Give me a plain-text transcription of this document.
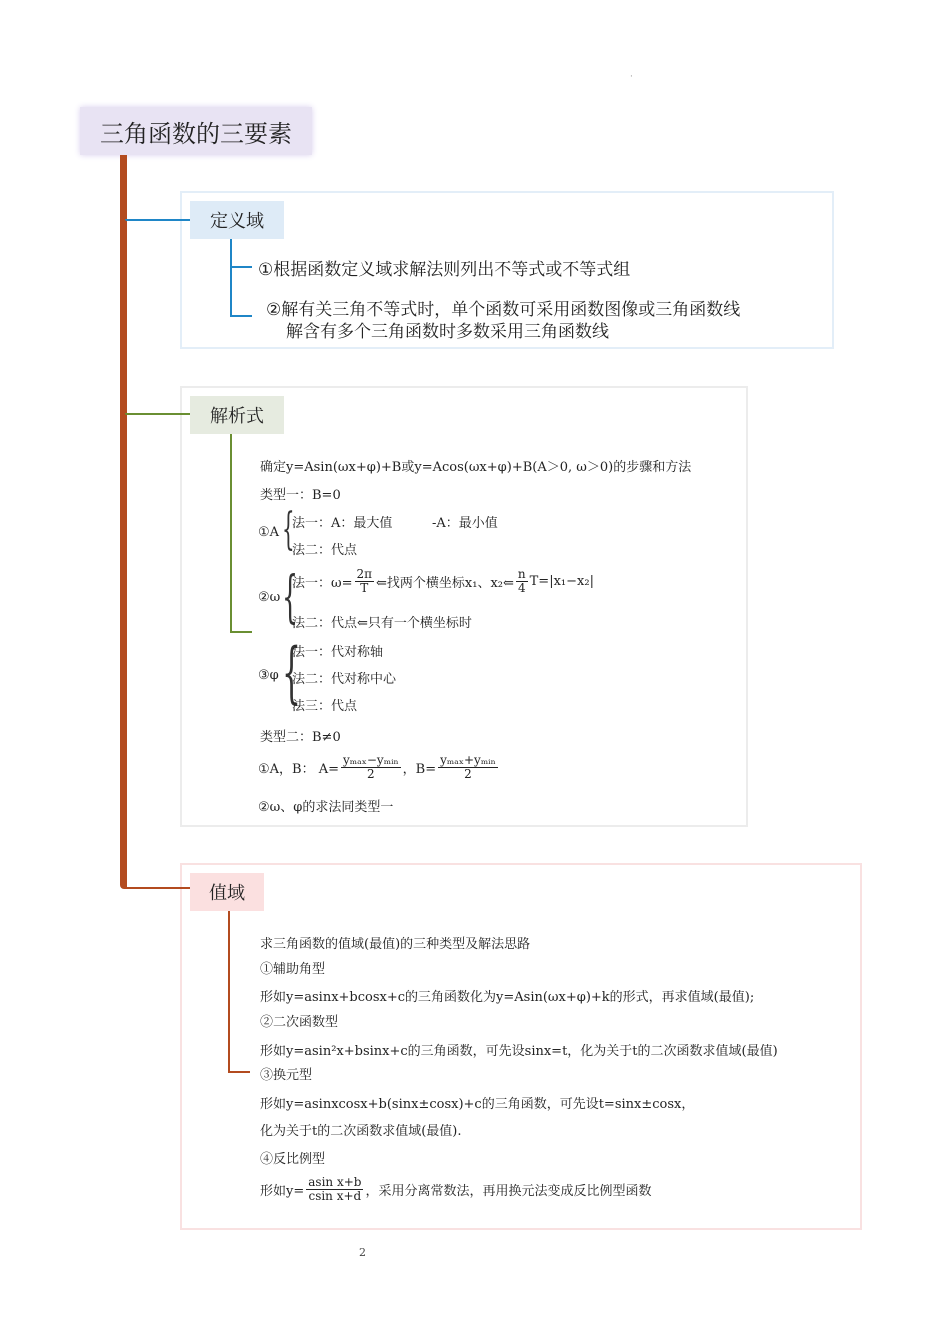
·
三角函数的三要素
定义域
①根据函数定义域求解法则列出不等式或不等式组
②解有关三角不等式时，单个函数可采用函数图像或三角函数线
解含有多个三角函数时多数采用三角函数线
解析式
确定y=Asin(ωx+φ)+B或y=Acos(ωx+φ)+B(A＞0, ω＞0)的步骤和方法
类型一：B=0
①A {
法一：A：最大值	-A：最小值
法二：代点
②ω {
法一：$\omega= \frac{2\pi}{T}$ ⇐找两个横坐标x₁、x₂⇐ $\frac{n}{4} T=|x_1-x_2|$
法二：代点⇐只有一个横坐标时
③φ {
法一：代对称轴
法二：代对称中心
法三：代点
类型二：B≠0
①A，B： $A= \frac{\text{yₘₐₓ−yₘᵢₙ}}{2}$ ，$B= \frac{\text{yₘₐₓ+yₘᵢₙ}}{2}$
②ω、φ的求法同类型一
值域
求三角函数的值域(最值)的三种类型及解法思路
①辅助角型
形如y=asinx+bcosx+c的三角函数化为y=Asin(ωx+φ)+k的形式，再求值域(最值);
②二次函数型
形如y=asin²x+bsinx+c的三角函数，可先设sinx=t，化为关于t的二次函数求值域(最值)
③换元型
形如y=asinxcosx+b(sinx±cosx)+c的三角函数，可先设t=sinx±cosx，
化为关于t的二次函数求值域(最值).
④反比例型
形如$y= \frac{\text{asin x+b}}{\text{csin x+d}}$ ，采用分离常数法，再用换元法变成反比例型函数
2
